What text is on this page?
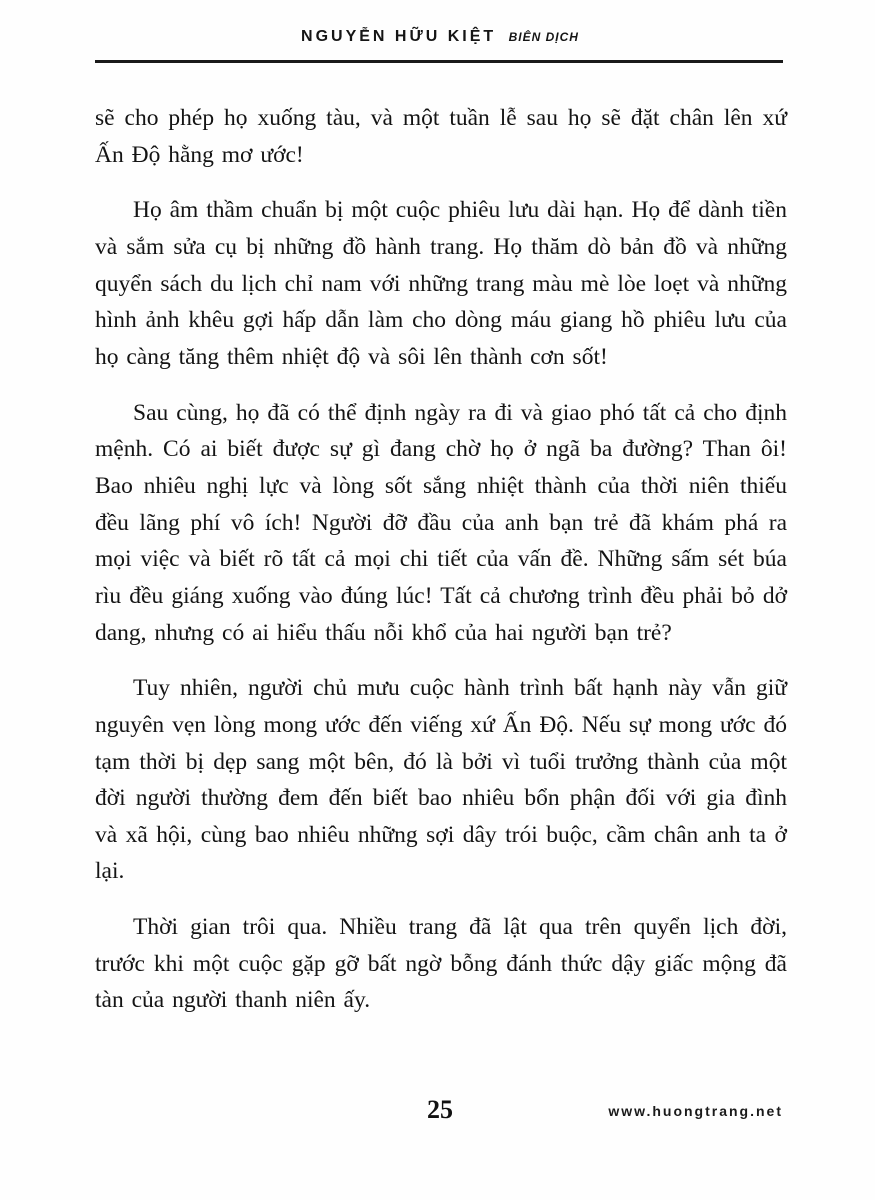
NGUYỄN HỮU KIỆT BIÊN DỊCH

sẽ cho phép họ xuống tàu, và một tuần lễ sau họ sẽ đặt chân lên xứ Ấn Độ hằng mơ ước!

Họ âm thầm chuẩn bị một cuộc phiêu lưu dài hạn. Họ để dành tiền và sắm sửa cụ bị những đồ hành trang. Họ thăm dò bản đồ và những quyển sách du lịch chỉ nam với những trang màu mè lòe loẹt và những hình ảnh khêu gợi hấp dẫn làm cho dòng máu giang hồ phiêu lưu của họ càng tăng thêm nhiệt độ và sôi lên thành cơn sốt!

Sau cùng, họ đã có thể định ngày ra đi và giao phó tất cả cho định mệnh. Có ai biết được sự gì đang chờ họ ở ngã ba đường? Than ôi! Bao nhiêu nghị lực và lòng sốt sắng nhiệt thành của thời niên thiếu đều lãng phí vô ích! Người đỡ đầu của anh bạn trẻ đã khám phá ra mọi việc và biết rõ tất cả mọi chi tiết của vấn đề. Những sấm sét búa rìu đều giáng xuống vào đúng lúc! Tất cả chương trình đều phải bỏ dở dang, nhưng có ai hiểu thấu nỗi khổ của hai người bạn trẻ?

Tuy nhiên, người chủ mưu cuộc hành trình bất hạnh này vẫn giữ nguyên vẹn lòng mong ước đến viếng xứ Ấn Độ. Nếu sự mong ước đó tạm thời bị dẹp sang một bên, đó là bởi vì tuổi trưởng thành của một đời người thường đem đến biết bao nhiêu bổn phận đối với gia đình và xã hội, cùng bao nhiêu những sợi dây trói buộc, cầm chân anh ta ở lại.

Thời gian trôi qua. Nhiều trang đã lật qua trên quyển lịch đời, trước khi một cuộc gặp gỡ bất ngờ bỗng đánh thức dậy giấc mộng đã tàn của người thanh niên ấy.

25	www.huongtrang.net
